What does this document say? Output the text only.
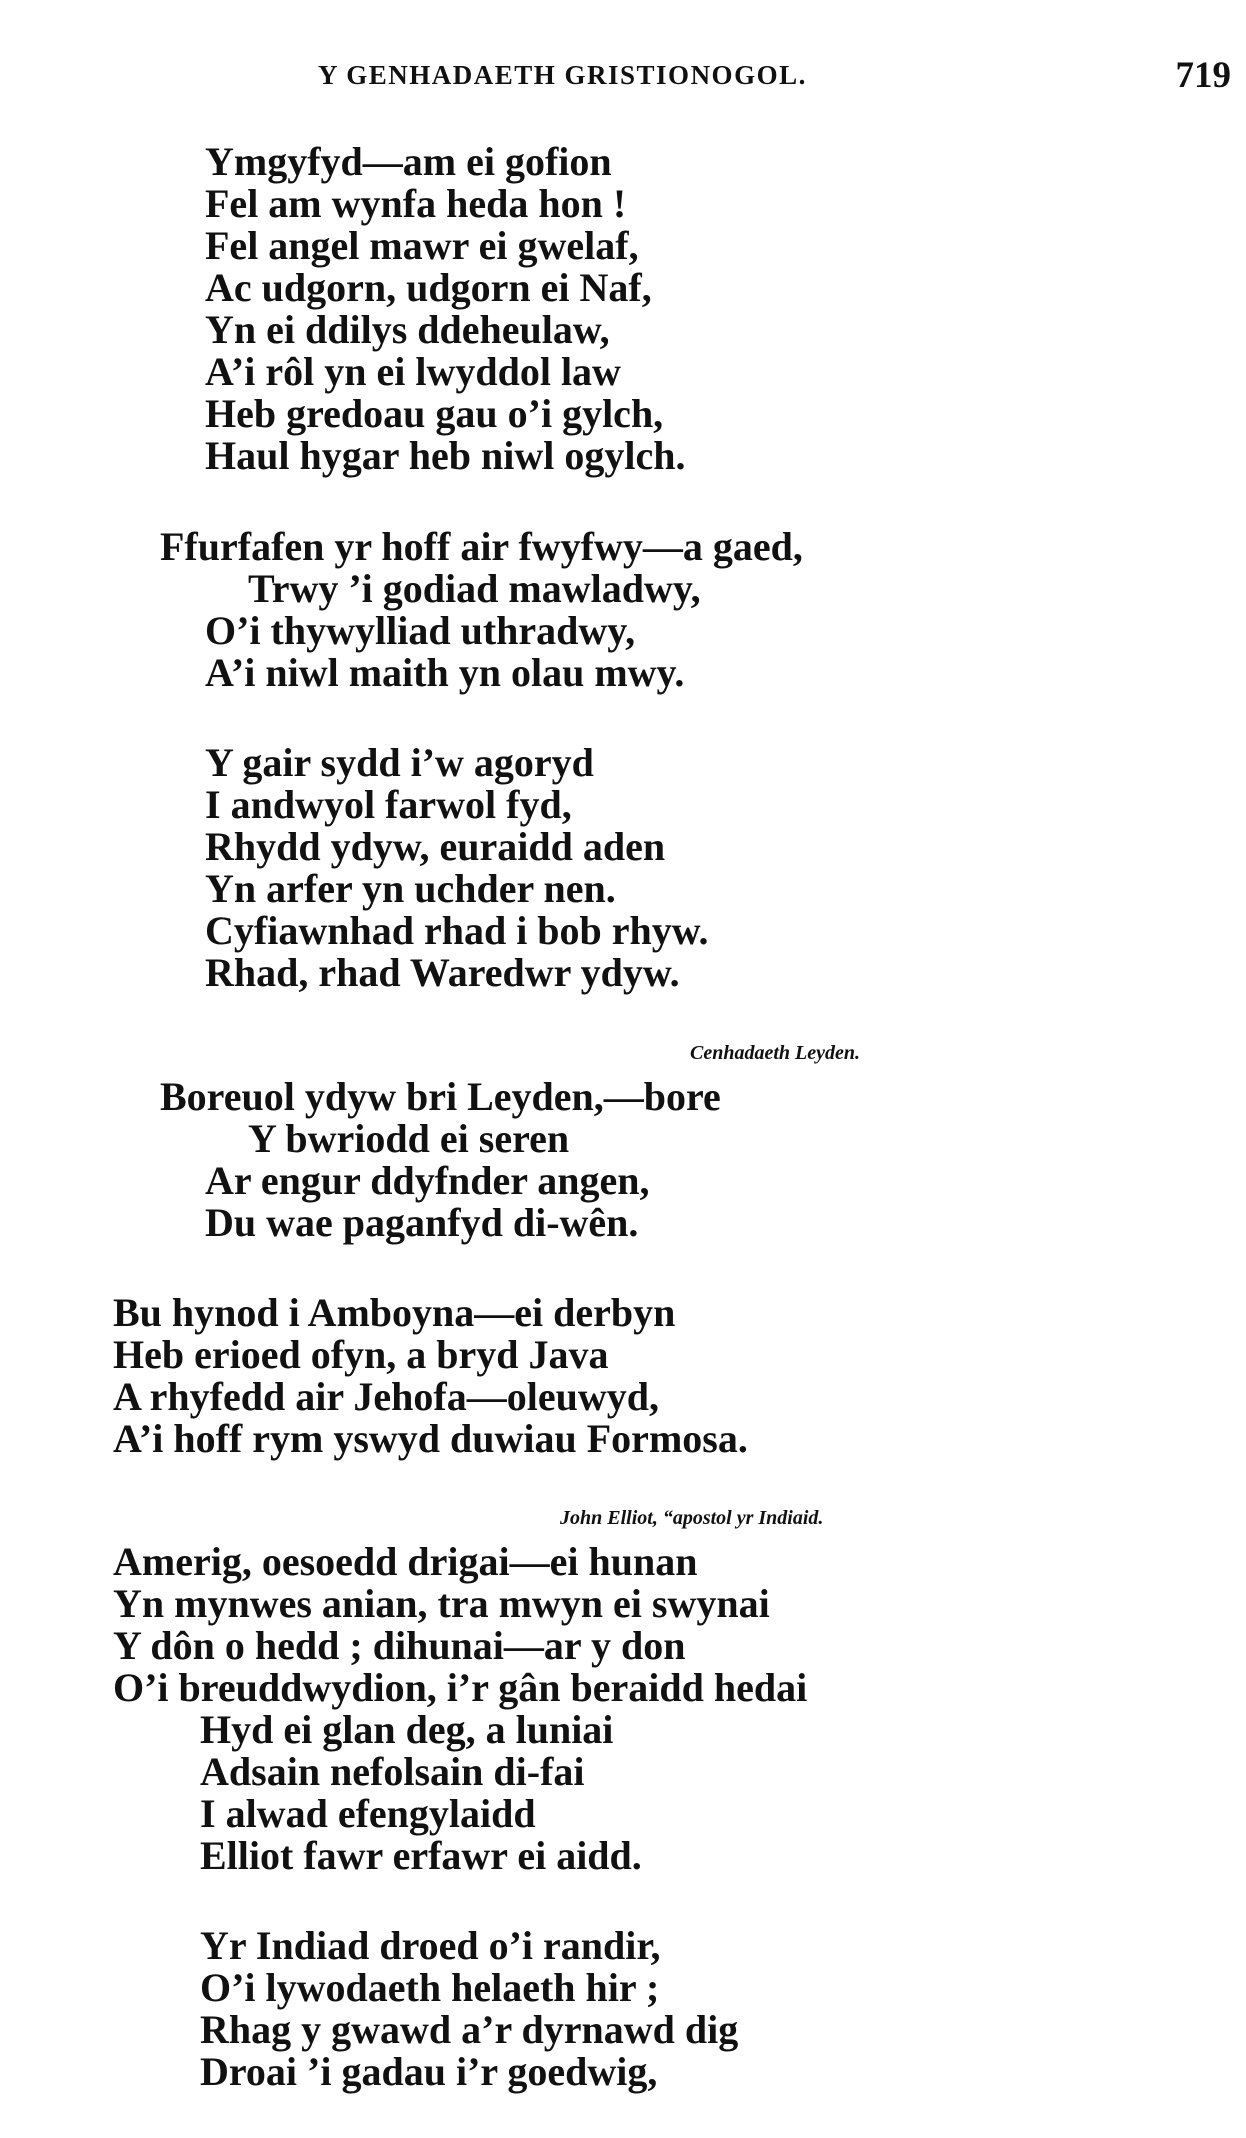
Y GENHADAETH GRISTIONOGOL.	719
Ymgyfyd—am ei gofion
Fel am wynfa heda hon !
Fel angel mawr ei gwelaf,
Ac udgorn, udgorn ei Naf,
Yn ei ddilys ddeheulaw,
A’i rôl yn ei lwyddol law
Heb gredoau gau o’i gylch,
Haul hygar heb niwl ogylch.
Ffurfafen yr hoff air fwyfwy—a gaed,
Trwy ’i godiad mawladwy,
O’i thywylliad uthradwy,
A’i niwl maith yn olau mwy.
Y gair sydd i’w agoryd
I andwyol farwol fyd,
Rhydd ydyw, euraidd aden
Yn arfer yn uchder nen.
Cyfiawnhad rhad i bob rhyw.
Rhad, rhad Waredwr ydyw.
Cenhadaeth Leyden.
Boreuol ydyw bri Leyden,—bore
Y bwriodd ei seren
Ar engur ddyfnder angen,
Du wae paganfyd di-wên.
Bu hynod i Amboyna—ei derbyn
Heb erioed ofyn, a bryd Java
A rhyfedd air Jehofa—oleuwyd,
A’i hoff rym yswyd duwiau Formosa.
John Elliot, “apostol yr Indiaid.
Amerig, oesoedd drigai—ei hunan
Yn mynwes anian, tra mwyn ei swynai
Y dôn o hedd ; dihunai—ar y don
O’i breuddwydion, i’r gân beraidd hedai
Hyd ei glan deg, a luniai
Adsain nefolsain di-fai
I alwad efengylaidd
Elliot fawr erfawr ei aidd.
Yr Indiad droed o’i randir,
O’i lywodaeth helaeth hir ;
Rhag y gwawd a’r dyrnawd dig
Droai ’i gadau i’r goedwig,
